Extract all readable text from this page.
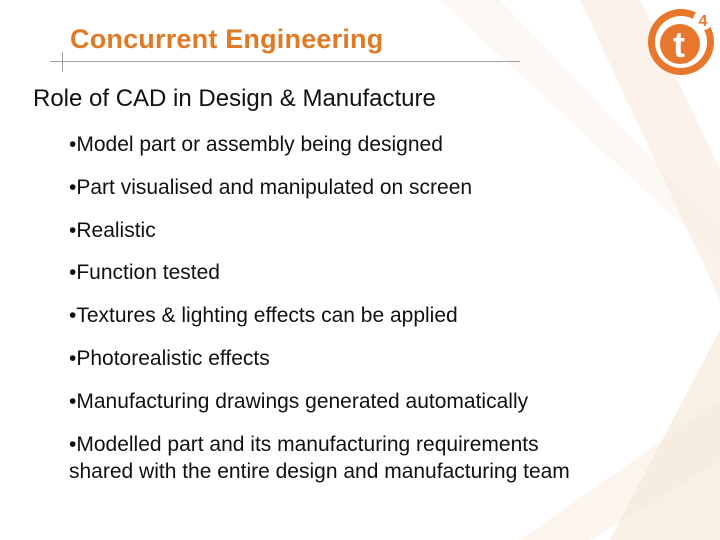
Concurrent Engineering	t
4
Role of CAD in Design & Manufacture
•Model part or assembly being designed
•Part visualised and manipulated on screen
•Realistic
•Function tested
•Textures & lighting effects can be applied
•Photorealistic effects
•Manufacturing drawings generated automatically
•Modelled part and its manufacturing requirements
shared with the entire design and manufacturing team
